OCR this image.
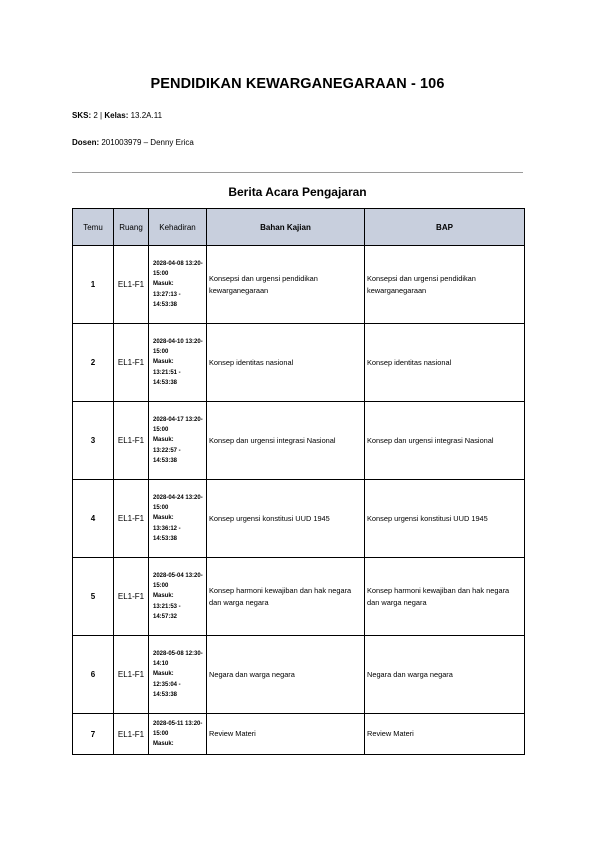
PENDIDIKAN KEWARGANEGARAAN - 106
SKS: 2 | Kelas: 13.2A.11
Dosen: 201003979 – Denny Erica
Berita Acara Pengajaran
Temu	Ruang	Kehadiran	Bahan Kajian	BAP
1	EL1-F1	2028-04-08 13:20-15:00
Masuk:
13:27:13 - 14:53:38	Konsepsi dan urgensi pendidikan kewarganegaraan	Konsepsi dan urgensi pendidikan kewarganegaraan
2	EL1-F1	2028-04-10 13:20-15:00
Masuk:
13:21:51 - 14:53:38	Konsep identitas nasional	Konsep identitas nasional
3	EL1-F1	2028-04-17 13:20-15:00
Masuk:
13:22:57 - 14:53:38	Konsep dan urgensi integrasi Nasional	Konsep dan urgensi integrasi Nasional
4	EL1-F1	2028-04-24 13:20-15:00
Masuk:
13:36:12 - 14:53:38	Konsep urgensi konstitusi UUD 1945	Konsep urgensi konstitusi UUD 1945
5	EL1-F1	2028-05-04 13:20-15:00
Masuk:
13:21:53 - 14:57:32	Konsep harmoni kewajiban dan hak negara dan warga negara	Konsep harmoni kewajiban dan hak negara dan warga negara
6	EL1-F1	2028-05-08 12:30-14:10
Masuk:
12:35:04 - 14:53:38	Negara dan warga negara	Negara dan warga negara
7	EL1-F1	2028-05-11 13:20-15:00
Masuk:	Review Materi	Review Materi
